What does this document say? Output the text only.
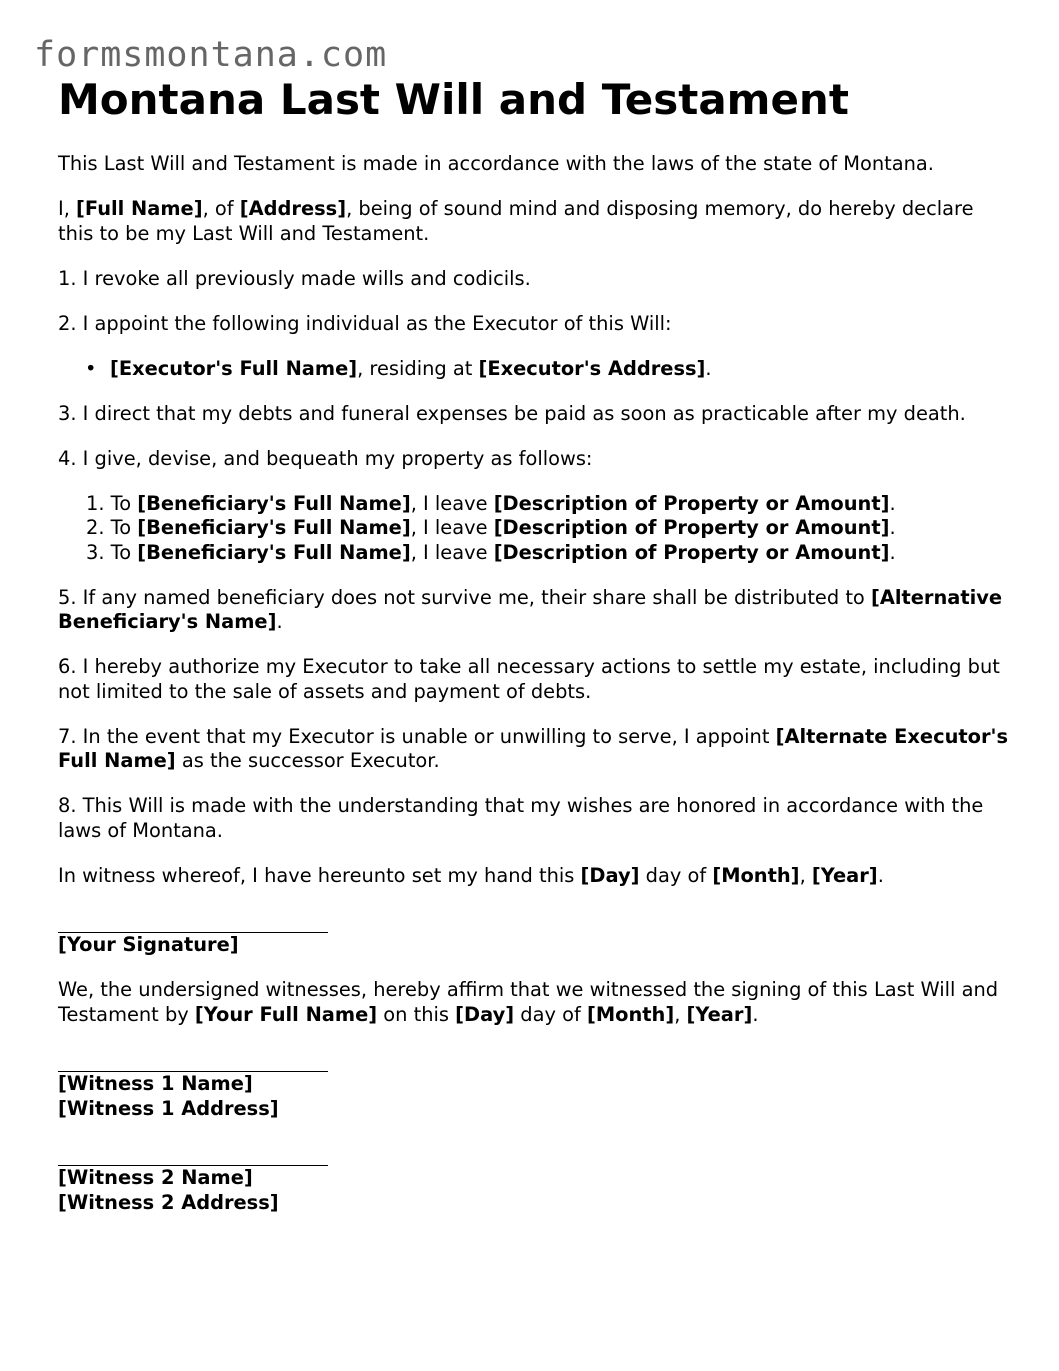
formsmontana.com
Montana Last Will and Testament

This Last Will and Testament is made in accordance with the laws of the state of Montana.

I, [Full Name], of [Address], being of sound mind and disposing memory, do hereby declare this to be my Last Will and Testament.

1. I revoke all previously made wills and codicils.

2. I appoint the following individual as the Executor of this Will:

• [Executor's Full Name], residing at [Executor's Address].

3. I direct that my debts and funeral expenses be paid as soon as practicable after my death.

4. I give, devise, and bequeath my property as follows:

1. To [Beneficiary's Full Name], I leave [Description of Property or Amount].
2. To [Beneficiary's Full Name], I leave [Description of Property or Amount].
3. To [Beneficiary's Full Name], I leave [Description of Property or Amount].

5. If any named beneficiary does not survive me, their share shall be distributed to [Alternative Beneficiary's Name].

6. I hereby authorize my Executor to take all necessary actions to settle my estate, including but not limited to the sale of assets and payment of debts.

7. In the event that my Executor is unable or unwilling to serve, I appoint [Alternate Executor's Full Name] as the successor Executor.

8. This Will is made with the understanding that my wishes are honored in accordance with the laws of Montana.

In witness whereof, I have hereunto set my hand this [Day] day of [Month], [Year].

[Your Signature]

We, the undersigned witnesses, hereby affirm that we witnessed the signing of this Last Will and Testament by [Your Full Name] on this [Day] day of [Month], [Year].

[Witness 1 Name]
[Witness 1 Address]
[Witness 2 Name]
[Witness 2 Address]
